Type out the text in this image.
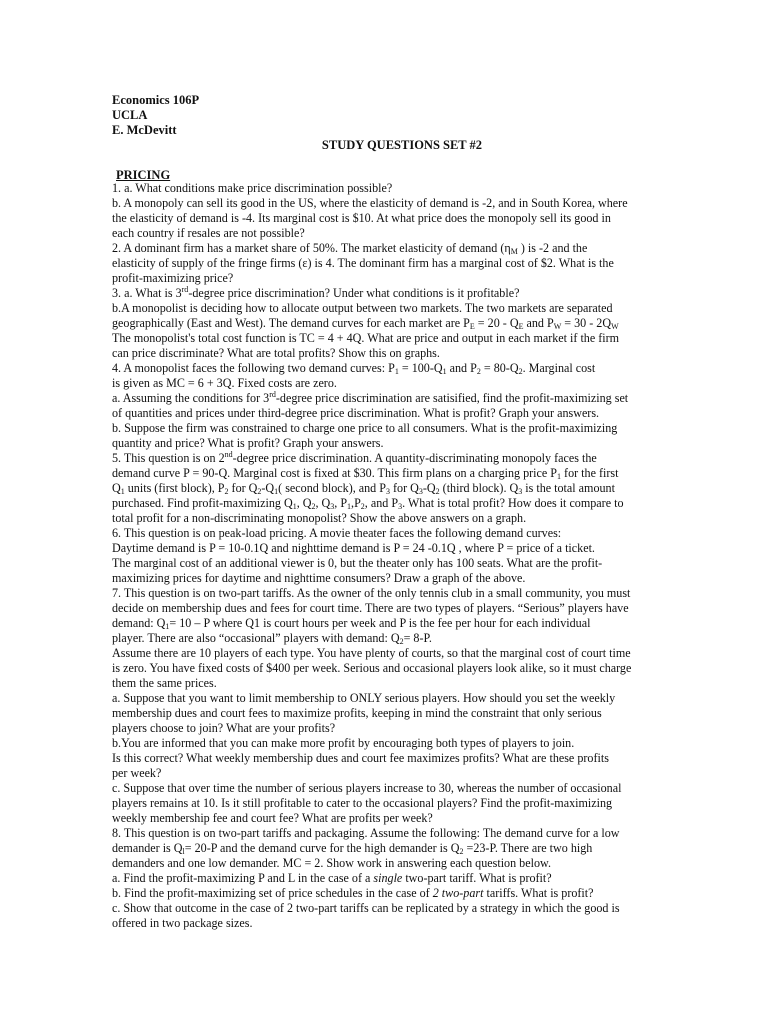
Economics 106P
UCLA
E. McDevitt
STUDY QUESTIONS SET #2
PRICING
1. a. What conditions make price discrimination possible?
b. A monopoly can sell its good in the US, where the elasticity of demand is -2, and in South Korea, where
the elasticity of demand is -4. Its marginal cost is $10. At what price does the monopoly sell its good in
each country if resales are not possible?
2. A dominant firm has a market share of 50%. The market elasticity of demand ($\eta_M$ ) is -2 and the
elasticity of supply of the fringe firms (ε) is 4. The dominant firm has a marginal cost of $2. What is the
profit-maximizing price?
3. a. What is 3rd-degree price discrimination? Under what conditions is it profitable?
b.A monopolist is deciding how to allocate output between two markets. The two markets are separated
geographically (East and West). The demand curves for each market are $P_E = 20 - Q_E$ and $P_W = 30 - 2Q_W$
The monopolist's total cost function is TC = 4 + 4Q. What are price and output in each market if the firm
can price discriminate? What are total profits? Show this on graphs.
4. A monopolist faces the following two demand curves: $P_1 = 100-Q_1$ and $P_2 = 80-Q_2$. Marginal cost
is given as MC = 6 + 3Q. Fixed costs are zero.
a. Assuming the conditions for 3rd-degree price discrimination are satisified, find the profit-maximizing set
of quantities and prices under third-degree price discrimination. What is profit? Graph your answers.
b. Suppose the firm was constrained to charge one price to all consumers. What is the profit-maximizing
quantity and price? What is profit? Graph your answers.
5. This question is on 2nd-degree price discrimination. A quantity-discriminating monopoly faces the
demand curve P = 90-Q. Marginal cost is fixed at $30. This firm plans on a charging price $P_1$ for the first
$Q_1$ units (first block), $P_2$ for $Q_2-Q_1$( second block), and $P_3$ for $Q_3-Q_2$ (third block). $Q_3$ is the total amount
purchased. Find profit-maximizing $Q_1$, $Q_2$, $Q_3$, $P_1,P_2$, and $P_3$. What is total profit? How does it compare to
total profit for a non-discriminating monopolist? Show the above answers on a graph.
6. This question is on peak-load pricing. A movie theater faces the following demand curves:
Daytime demand is P = 10-0.1Q and nighttime demand is P = 24 -0.1Q , where P = price of a ticket.
The marginal cost of an additional viewer is 0, but the theater only has 100 seats. What are the profit-
maximizing prices for daytime and nighttime consumers? Draw a graph of the above.
7. This question is on two-part tariffs. As the owner of the only tennis club in a small community, you must
decide on membership dues and fees for court time. There are two types of players. “Serious” players have
demand: $Q_1= 10 - P$ where Q1 is court hours per week and P is the fee per hour for each individual
player. There are also “occasional” players with demand: $Q_2= 8-P$.
Assume there are 10 players of each type. You have plenty of courts, so that the marginal cost of court time
is zero. You have fixed costs of $400 per week. Serious and occasional players look alike, so it must charge
them the same prices.
a. Suppose that you want to limit membership to ONLY serious players. How should you set the weekly
membership dues and court fees to maximize profits, keeping in mind the constraint that only serious
players choose to join? What are your profits?
b.You are informed that you can make more profit by encouraging both types of players to join.
Is this correct? What weekly membership dues and court fee maximizes profits? What are these profits
per week?
c. Suppose that over time the number of serious players increase to 30, whereas the number of occasional
players remains at 10. Is it still profitable to cater to the occasional players? Find the profit-maximizing
weekly membership fee and court fee? What are profits per week?
8. This question is on two-part tariffs and packaging. Assume the following: The demand curve for a low
demander is $Q_l= 20-P$ and the demand curve for the high demander is $Q_2 =23-P$. There are two high
demanders and one low demander. MC = 2. Show work in answering each question below.
a. Find the profit-maximizing P and L in the case of a single two-part tariff. What is profit?
b. Find the profit-maximizing set of price schedules in the case of 2 two-part tariffs. What is profit?
c. Show that outcome in the case of 2 two-part tariffs can be replicated by a strategy in which the good is
offered in two package sizes.
